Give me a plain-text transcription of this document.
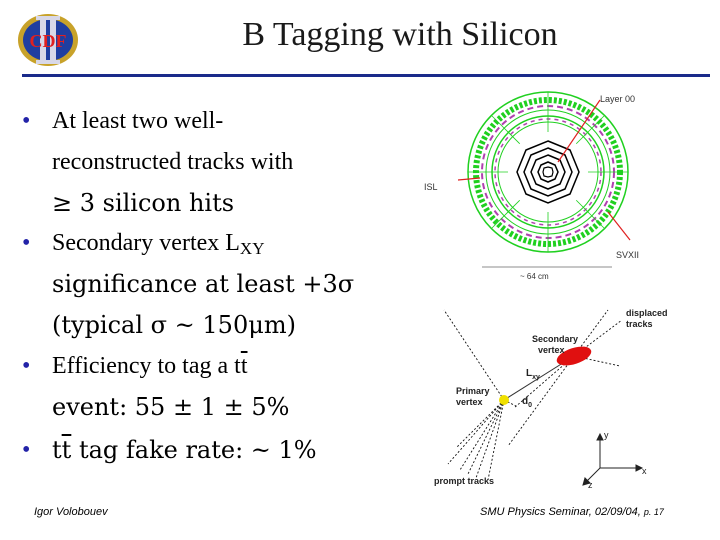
CDF	B Tagging with Silicon
• At least two well-
reconstructed tracks with
≥ 3 silicon hits
• Secondary vertex $L_{XY}$
significance at least +3σ
(typical σ ~ 150μm)
• Efficiency to tag a $t\overline{t}$
event: 55 ± 1 ± 5%
• $t\overline{t}$ tag fake rate: ~ 1%
Layer 00
ISL
SVXII
~ 64 cm
displaced
tracks
Secondary
vertex
Primary
vertex
prompt tracks
$L_{xy}$
$d_0$
y
x
z
Igor Volobouev	SMU Physics Seminar, 02/09/04, p. 17
